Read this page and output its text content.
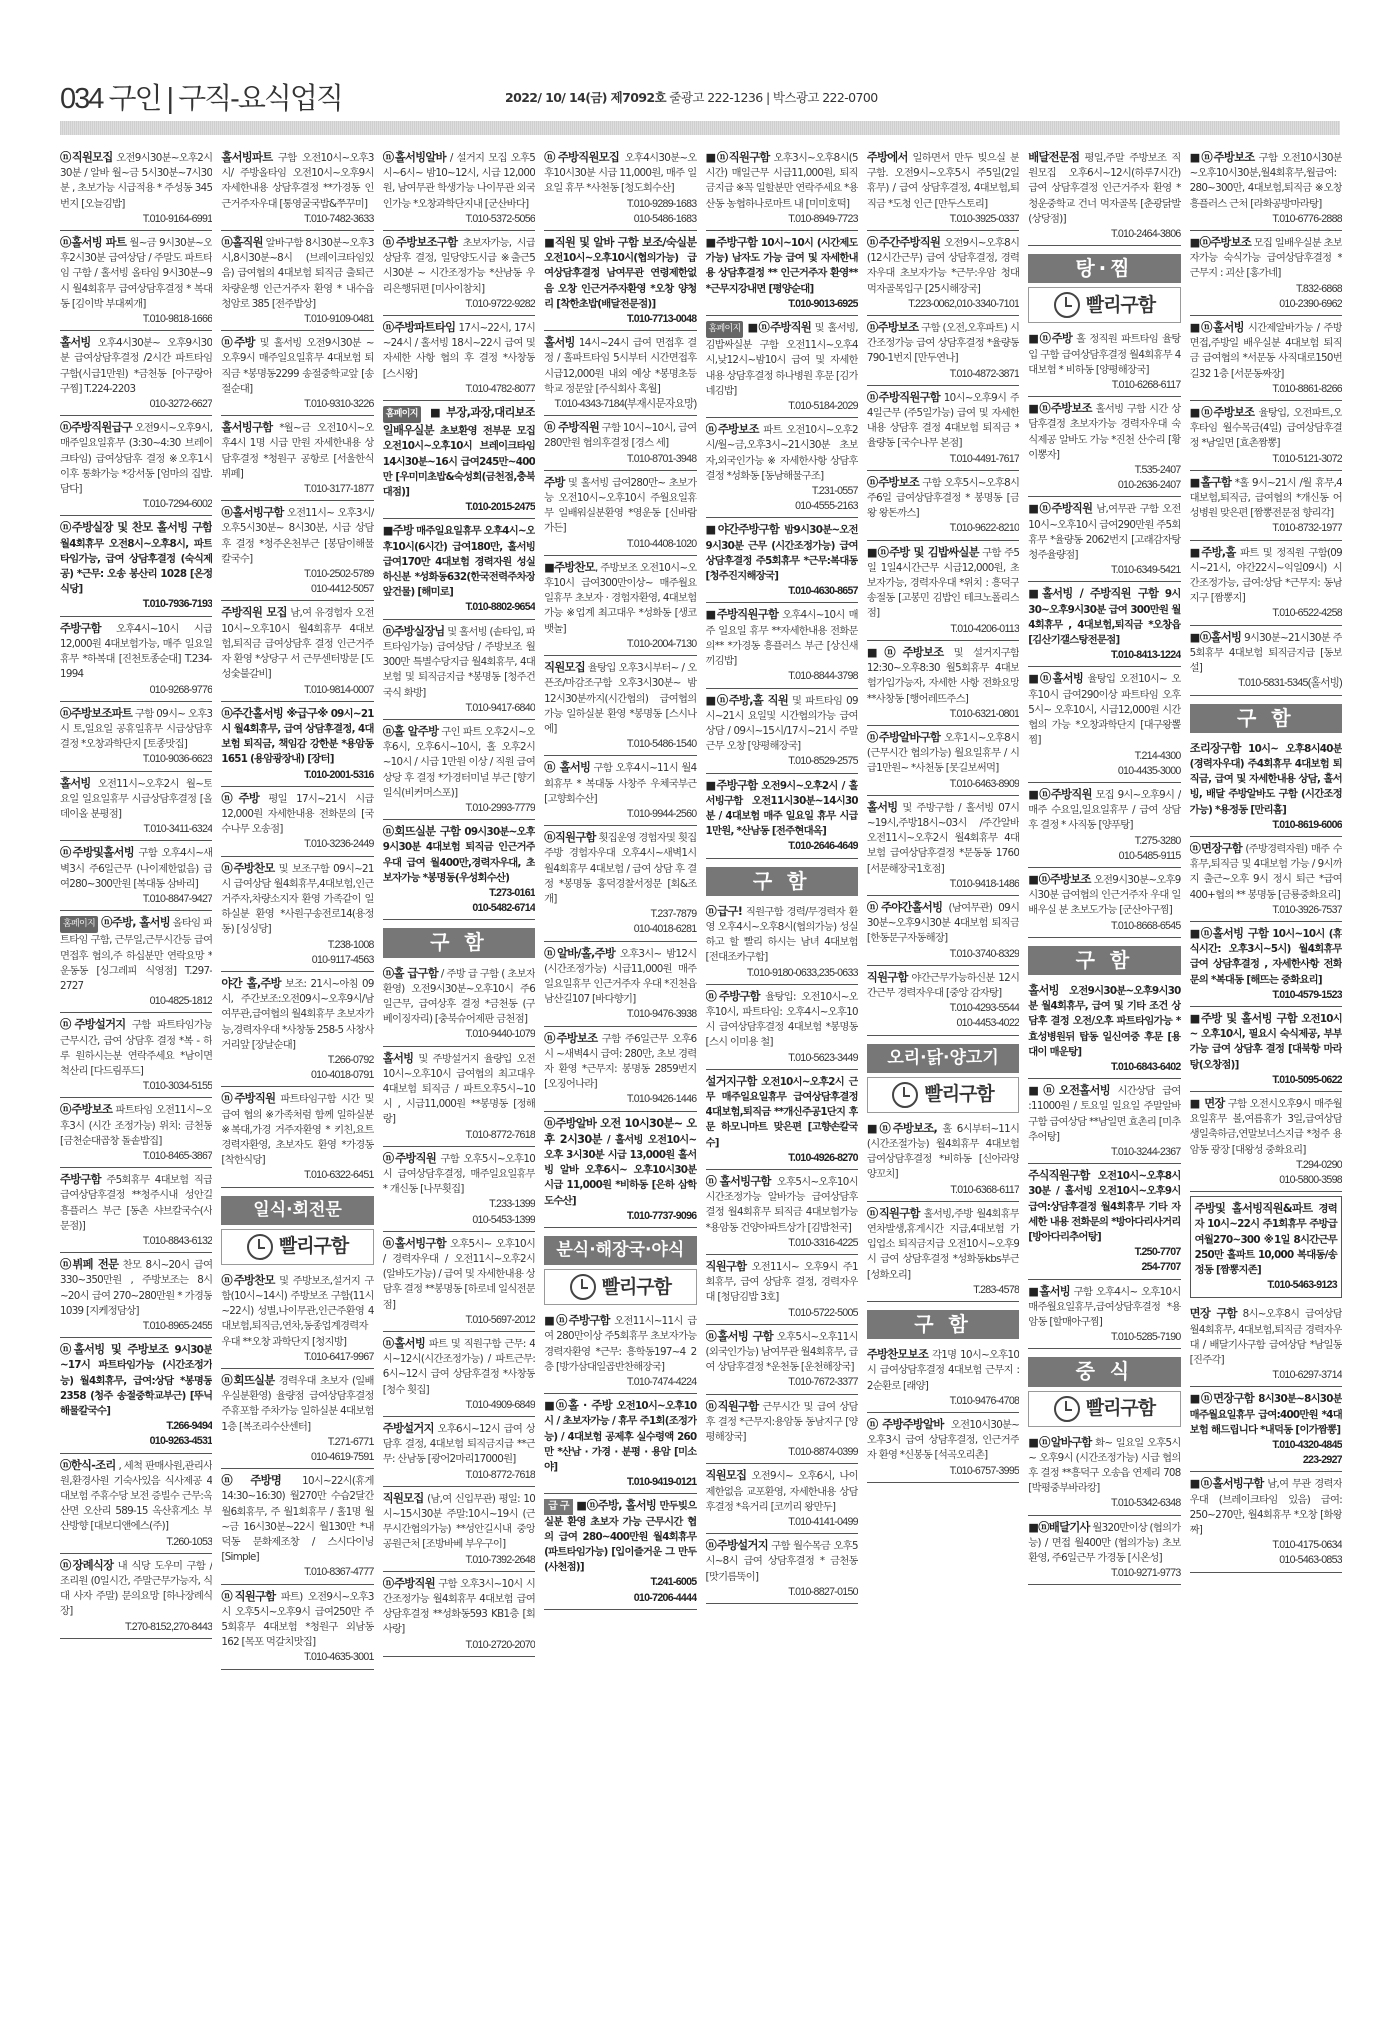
034 구인 | 구직-요식업직	2022/ 10/ 14(금) 제7092호 줄광고 222-1236 | 박스광고 222-0700
ⓝ직원모집 오전9시30분~오후2시30분 / 알바 월~금 5시30분~7시30분 , 초보가능 시급적용 * 주성동 345번지 [오늘김밥]
T.010-9164-6991
ⓝ홀서빙 파트 월~금 9시30분~오후2시30분 급여상담 / 주말도 파트타임 구함 / 홀서빙 올타임 9시30분~9시 월4회휴무 급여상담후결정 * 복대동 [김이박 부대찌개]
T.010-9818-1666
홀서빙 오후4시30분~ 오후9시30분 급여상담후결정 /2시간 파트타임구함(시급1만원) *금천동 [아구랑아구찜] T.224-2203
010-3272-6627
ⓝ주방직원급구 오전9시~오후9시, 매주일요일휴무 (3:30~4:30 브레이크타임) 급여상담후 결정 ※오후1시이후 통화가능 *강서동 [엄마의 집밥.담다]
T.010-7294-6002
ⓝ주방실장 및 찬모 홀서빙 구함 월4회휴무 오전8시~오후8시, 파트타임가능, 급여 상담후결정 (숙식제공) *근무: 오송 봉산리 1028 [온정식당]
T.010-7936-7193
주방구함 오후4시~10시 시급 12,000원 4대보험가능, 매주 일요일 휴무 *하복대 [진천토종순대] T.234-1994
010-9268-9776
ⓝ주방보조파트 구함 09시~ 오후3시 토,일요일 공휴일휴무 시급상담후 결정 *오창과학단지 [토종맛집]
T.010-9036-6623
홀서빙 오전11시~오후2시 월~토요일 일요일휴무 시급상담후결정 [올데이올 분평점]
T.010-3411-6324
ⓝ주방및홀서빙 구함 오후4시~새벽3시 주6일근무 (나이제한없음) 급여280~300만원 [복대동 삼바리]
T.010-8847-9427
홈페이지 ⓝ주방, 홀서빙 올타임 파트타임 구함, 근무일,근무시간등 급여 면접후 협의,주 하십분만 연락요망 * 운동동 [싱그레피 식영점] T.297-2727
010-4825-1812
ⓝ주방설거지 구함 파트타임가능 근무시간, 급여 상담후 결정 *복 - 하루 원하시는분 연락주세요 *남이면 척산리 [다드림푸드]
T.010-3034-5155
ⓝ주방보조 파트타임 오전11시~오후3시 (시간 조정가능) 위치: 금천동 [금천순대곱창 돌솥밥집]
T.010-8465-3867
주방구함 주5회휴무 4대보험 직급 급여상담후결정 **청주시내 성안길 흥플러스 부근 [동촌 샤브칼국수(사문점)]
T.010-8843-6132
ⓝ뷔페 전문 찬모 8시~20시 급여330~350만원 , 주방보조는 8시~20시 급여 270~280만원 * 가경동 1039 [지케정담상]
T.010-8965-2455
ⓝ홀서빙 및 주방보조 9시30분~17시 파트타임가능 (시간조정가능) 월4회휴무, 급여:상담 *봉명동 2358 (청주 송절중학교부근) [뚜닉 해물칼국수]
T.266-9494
010-9263-4531
ⓝ한식-조리 , 세척 판매사원,관리사원,환경사원 기숙사있음 식사제공 4대보험 주휴수당 보전 증빌수 근무:옥산면 오산리 589-15 옥산휴게소 부산방향 [대보디앤에스(주)]
T.260-1053
ⓝ장례식장 내 식당 도우미 구함 / 조리원 (0일시간, 주말근무가능자, 식대 사자 주말) 문의요망 [하나장례식장]
T.270-8152,270-8443
홀서빙파트 구함 오전10시~오후3시/ 주방올타임 오전10시~오후9시 자세한내용 상담후결정 **가경동 인근거주자우대 [통영굴국밥&쭈꾸미]
T.010-7482-3633
ⓝ홀직원 알바구함 8시30분~오후3시,8시30분~8시 (브레이크타임있음) 급여협의 4대보험 퇴직금 출퇴근차량운행 인근거주자 환영 * 내수읍 청암로 385 [전주밥상]
T.010-9109-0481
ⓝ주방 및 홀서빙 오전9시30분 ~ 오후9시 매주일요일휴무 4대보험 퇴직금 *봉명동2299 송절중학교앞 [송절순대]
T.010-9310-3226
홀서빙구함 *월~금 오전10시~오후4시 1명 시급 만원 자세한내용 상담후결정 *청원구 공항로 [서울한식뷔페]
T.010-3177-1877
ⓝ홀서빙구함 오전11시~ 오후3시/ 오후5시30분~ 8시30분, 시급 상담후 결정 *청주온천부근 [봉담이해물칼국수]
T.010-2502-5789
010-4412-5057
주방직원 모집 남,여 유경험자 오전10시~오후10시 월4회휴무 4대보험,퇴직금 급여상담후 결정 인근거주자 환영 *상당구 서 근무센터방문 [도성숯불갈비]
T.010-9814-0007
ⓝ주간홀서빙 ※급구※ 09시~21시 월4회휴무, 급여 상담후결정, 4대보험 퇴직금, 책임감 강한분 *용암동 1651 (용암광장내) [장터]
T.010-2001-5316
ⓝ주방 평일 17시~21시 시급12,000원 자세한내용 전화문의 [국수나무 오송점]
T.010-3236-2449
ⓝ주방찬모 및 보조구함 09시~21시 급여상담 월4회휴무,4대보험,인근거주자,차량소지자 환영 가족같이 일하실분 환영 *사원구송전로14(용정동) [싱싱당]
T.238-1008
010-9117-4563
야간 홀,주방 보조: 21시~아침 09시, 주간보조:오전09시~오후9시/남여무관,급여협의 월4회휴무 초보자가능,경력자우대 *사창동 258-5 사창사거리앞 [장날순대]
T.266-0792
010-4018-0791
ⓝ주방직원 파트타임구함 시간 및 급여 협의 ※가족처럼 함께 일하실분 ※복대,가경 거주자환영 * 키친,요트 경력자환영, 초보자도 환영 *가경동 [착한식당]
T.010-6322-6451
일식·회전문
빨리구함
ⓝ주방찬모 및 주방보조,설거지 구함(10시~14시) 주방보조 구함(11시~22시) 성별,나이무관,인근주환영 4대보험,퇴직금,연차,동종업계경력자우대 **오창 과학단지 [청지방]
T.010-6417-9967
ⓝ회뜨실분 경력우대 초보자 (일배우실분환영) 율량점 급여상담후결정 주휴포함 주차가능 일하실분 4대보험 1층 [복조리수산센터]
T.271-6771
010-4619-7591
ⓝ주방명 10시~22시(휴게 14:30~16:30) 월270만 수습2달간 월6회휴무, 주 월1회휴무 / 홀1명 월~금 16시30분~22시 월130만 *내덕동 문화제조창 / 스시다이닝 [Simple]
T.010-8367-4777
ⓝ직원구함 파트) 오전9시~오후3시 오후5시~오후9시 급여250만 주5회휴무 4대보험 *청원구 외남동 162 [목포 먹갈치맛집]
T.010-4635-3001
ⓝ홀서빙알바 / 설거지 모집 오후5시~6시~ 밤10~12시, 시급 12,000원, 남여무관 학생가능 나이무관 외국인가능 *오창과학단지내 [군산바다]
T.010-5372-5056
ⓝ주방보조구함 초보자가능, 시급상담후 결정, 일당양도시급 ※출근5시30분 ~ 시간조정가능 *산남동 우리은행뒤편 [미사이참치]
T.010-9722-9282
ⓝ주방파트타임 17시~22시, 17시~24시 / 홀서빙 18시~22시 급여 및 자세한 사항 협의 후 결정 *사창동 [스시왕]
T.010-4782-8077
홈페이지 ■부장,과장,대리보조 일배우실분 초보환영 전부문 모집 오전10시~오후10시 브레이크타임14시30분~16시 급여245만~400만 [우미미초밥&숙성회(금천점,충북대점)]
T.010-2015-2475
■주방 매주일요일휴무 오후4시~오후10시(6시간) 급여180만, 홀서빙 급여170만 4대보험 경력자원 성실하신분 *성화동632(한국전력주차장앞건물) [해미로]
T.010-8802-9654
ⓝ주방실장님 및 홀서빙 (솥타입, 파트타임가능) 급여상담 / 주방보조 월300만 특별수당지급 월4회휴무, 4대보험 및 퇴직금지급 *봉명동 [청주건국식 화방]
T.010-9417-6840
ⓝ홀 알주방 구인 파트 오후2시~오후6시, 오후6시~10시, 홀 오후2시~10시 / 시급 1만원 이상 / 직원 급여 상당 후 결정 *가경터미널 부근 [향기일식(비커머스포)]
T.010-2993-7779
ⓝ회뜨실분 구함 09시30분~오후9시30분 4대보험 퇴직금 인근거주우대 급여 월400만,경력자우대, 초보자가능 *봉명동(우성회수산)
T.273-0161
010-5482-6714
구 함
ⓝ홀 급구함 / 주방 급 구함 ( 초보자환영) 오전9시30분~오후10시 주6일근무, 급여상후 결정 *금천동 (구 베이징자리) [충북슈어제판 금천점]
T.010-9440-1079
홀서빙 및 주방설거지 율량입 오전10시~오후10시 급여협의 최고대우 4대보험 퇴직금 / 파트오후5시~10시 , 시급11,000원 **봉명동 [정해랑]
T.010-8772-7618
ⓝ주방직원 구함 오후5시~오후10시 급여상담후결정, 매주일요일휴무 * 개신동 [나무횟집]
T.233-1399
010-5453-1399
ⓝ홀서빙구함 오후5시~ 오후10시 / 경력자우대 / 오전11시~오후2시(알바도가능) / 급여 및 자세한내용 상담후 결정 **봉명동 [하로네 일식전문점]
T.010-5697-2012
ⓝ홀서빙 파트 및 직원구함 근무: 4시~12시(시간조정가능) / 파트근무: 6시~12시 급여 상담후결정 *사창동 [청수 횟집]
T.010-4909-6849
주방설거지 오후6시~12시 급여 상담후 결정, 4대보험 퇴직금지급 **근무: 산남동 [광어2마리17000원]
T.010-8772-7618
직원모집 (남,여 신입무관) 평일: 10시~15시30분 주말:10시~19시 (근무시간협의가능) **성안길시내 중앙공원근처 [조방바베 부우구이]
T.010-7392-2648
ⓝ주방직원 구함 오후3시~10시 시간조정가능 월4회휴무 4대보험 급여 상담후결정 **성화동593 KB1층 [회사랑]
T.010-2720-2070
ⓝ주방직원모집 오후4시30분~오후10시30분 시급 11,000원, 매주 일요일 휴무 *사천동 [청도회수산]
T.010-9289-1683
010-5486-1683
■직원 및 알바 구함 보조/숙실분 오전10시~오후10시(협의가능) 급여상담후결정 남여무관 연령제한없음 오창 인근거주자환영 *오창 양청리 [착한초밥(배달전문점)]
T.010-7713-0048
홀서빙 14시~24시 급여 면접후 결정 / 홀파트타임 5시부터 시간면접후 시급12,000원 내외 예상 *봉명초등학교 정문앞 [주식회사 혹월]
T.010-4343-7184(부재시문자요망)
ⓝ 주방직원 구함 10시~10시, 급여 280만원 협의후결정 [경스 세]
T.010-8701-3948
주방 및 홀서빙 급여280만~ 초보가능 오전10시~오후10시 주월요일휴무 일배워실분환영 *영운동 [신바람가든]
T.010-4408-1020
■주방찬모, 주방보조 오전10시~오후10시 급여300만이상~ 매주월요일휴무 초보자 · 경험자환영, 4대보험가능 ※업계 최고대우 *성화동 [생코 뱃놀]
T.010-2004-7130
직원모집 율탕입 오후3시부터~ / 오픈조/마감조구함 오후3시30분~ 밤12시30분까지(시간협의) 급여협의 가능 일하실분 환영 *봉명동 [스시나에]
T.010-5486-1540
ⓝ 홀서빙 구함 오후4시~11시 월4회휴무 * 복대동 사창주 우체국부근 [고향회수산]
T.010-9944-2560
ⓝ직원구함 횟집운영 경험자및 횟집주방 경험자우대 오후4시~새벽1시 월4회휴무 4대보험 / 급여 상담 후 결정 *봉명동 홍덕경찰서정문 [회&조개]
T.237-7879
010-4018-6281
ⓝ알바/홀,주방 오후3시~ 밤12시 (시간조정가능) 시급11,000원 매주일요일휴무 인근거주자 우대 *진천읍 남산길107 [바다향기]
T.010-9476-3938
ⓝ주방보조 구함 주6일근무 오후6시 ~새벽4시 급여: 280만, 초보 경력자 환영 *근무지: 봉명동 2859번지 [오징어나라]
T.010-9426-1446
ⓝ주방알바 오전 10시30분~ 오후 2시30분 / 홀서빙 오전10시~오후 3시30분 시급 13,000원 홀서빙 알바 오후6시~ 오후10시30분 시급 11,000원 *비하동 [은하 삼학도수산]
T.010-7737-9096
분식·해장국·야식
빨리구함
■ⓝ주방구함 오전11시~11시 급여 280만이상 주5회휴무 초보자가능 경력자환영 *근무: 흥학동197~4 2층 [방가삼대일곱반찬해장국]
T.010-7474-4224
■ⓝ홀 · 주방 오전10시~오후10시 / 초보자가능 / 휴무 주1회(조정가능) / 4대보험 공제후 실수령액 260만 *산남 · 가경 · 분평 · 용암 [미소야]
T.010-9419-0121
급 구 ■ⓝ주방, 홀서빙 만두빚으실분 환영 초보자 가능 근무시간 협의 급여 280~400만원 월4회휴무 (파트타임가능) [입이즐거운 그 만두(사천점)]
T.241-6005
010-7206-4444
■ⓝ직원구함 오후3시~오후8시(5시간) 매일근무 시급11,000원, 퇴직금지급 ※꼭 일할분만 연락주세요 *용산동 농협하나로마트 내 [미미호떡]
T.010-8949-7723
■주방구함 10시~10시 (시간제도 가능) 남자도 가능 급여 및 자세한내용 상담후결정 ** 인근거주자 환영** *근무지강내면 [평양순대]
T.010-9013-6925
홈페이지 ■ⓝ주방직원 및 홀서빙,김밥싸실분 구함 오전11시~오후4시,낮12시~밤10시 급여 및 자세한내용 상담후결정 하나병원 후문 [김가네김밥]
T.010-5184-2029
ⓝ주방보조 파트 오전10시~오후2시/월~금,오후3시~21시30분 초보자,외국인가능 ※ 자세한사항 상담후 결정 *성화동 [동남해물구조]
T.231-0557
010-4555-2163
■야간주방구함 밤9시30분~오전9시30분 근무 (시간조정가능) 급여상담후결정 주5회휴무 *근무:복대동 [청주진지해장국]
T.010-4630-8657
■주방직원구함 오후4시~10시 매주 일요일 휴무 **자세한내용 전화문의** *가경동 흥플러스 부근 [상신새끼김밥]
T.010-8844-3798
■ⓝ주방,홀 직원 및 파트타임 09시~21시 요일및 시간협의가능 급여상담 / 09시~15시/17시~21시 주말근무 오창 [양평해장국]
T.010-8529-2575
■주방구함 오전9시~오후2시 / 홀서빙구함 오전11시30분~14시30분 / 4대보험 매주 일요일 휴무 시급1만원, *산남동 [전주현대옥]
T.010-2646-4649
구 함
ⓝ급구! 직원구함 경력/무경력자 환영 오후4시~오후8시(협의가능) 성실하고 할 빨리 하시는 남녀 4대보험 [전대조카구합]
T.010-9180-0633,235-0633
ⓝ주방구함 율탕입: 오전10시~오후10시, 파트타임: 오후4시~오후10시 급여상담후결정 4대보험 *봉명동 [스시 이미용 철]
T.010-5623-3449
설거지구함 오전10시~오후2시 근무 매주일요일휴무 급여상담후결정 4대보험,퇴직금 **개신주공1단지 후문 하모니마트 맞은편 [고향손칼국수]
T.010-4926-8270
ⓝ홀서빙구함 오후5시~오후10시 시간조정가능 알바가능 급여상담후결정 월4회휴무 퇴직금 4대보험가능 *용암동 건양아파트상가 [김밥천국]
T.010-3316-4225
직원구함 오전11시~ 오후9시 주1회휴무, 급여 상담후 결정, 경력자우대 [청담김밥 3호]
T.010-5722-5005
ⓝ홀서빙 구함 오후5시~오후11시 (외국인가능) 남여무관 월4회휴무, 급여 상담후결정 *운천동 [운천해장국]
T.010-7672-3377
ⓝ직원구함 근무시간 및 급여 상담후 결정 *근무지:용암동 동남지구 [양평해장국]
T.010-8874-0399
직원모집 오전9시~ 오후6시, 나이제한없음 교포환영, 자세한내용 상담후결정 *육거리 [코끼리 왕만두]
T.010-4141-0499
ⓝ주방설거지 구함 월수목금 오후5시~8시 급여 상담후결정 * 금천동 [맛기름뚝이]
T.010-8827-0150
주방에서 일하면서 만두 빚으실 분 구함. 오전9시~오후5시 주5일(2일휴무) / 급여 상담후결정, 4대보험,퇴직금 *도청 인근 [만두스토리]
T.010-3925-0337
ⓝ주간주방직원 오전9시~오후8시(12시간근무) 급여 상담후결정, 경력자우대 초보자가능 *근무:우암 청대 먹자골목입구 [25시해장국]
T.223-0062,010-3340-7101
ⓝ주방보조 구함 (오전,오후파트) 시간조정가능 급여 상담후결정 *율량동 790-1번지 [만두연나]
T.010-4872-3871
ⓝ주방직원구함 10시~오후9시 주4일근무 (주5일가능) 급여 및 자세한내용 상담후 결정 4대보험 퇴직금 *율량동 [국수나무 본점]
T.010-4491-7617
ⓝ주방보조 구함 오후5시~오후8시 주6일 급여상담후결정 * 봉명동 [금왕 왕돈까스]
T.010-9622-8210
■ⓝ주방 및 김밥싸실분 구함 주5일 1일4시간근무 시급12,000원, 초보자가능, 경력자우대 *위치 : 흥덕구 송절동 [고봉민 김밥인 테크노폴리스점]
T.010-4206-0113
■ⓝ주방보조 및 설거지구함 12:30~오후8:30 월5회휴무 4대보험가입가능자, 자세한 사항 전화요망 **사창동 [행어레뜨주스]
T.010-6321-0801
ⓝ주방알바구함 오후1시~오후8시(근무시간 협의가능) 월요일휴무 / 시급1만원~ *사천동 [못길보써먹]
T.010-6463-8909
홀서빙 및 주방구함 / 홀서빙 07시~19시,주방18시~03시 /주간알바 오전11시~오후2시 월4회휴무 4대보험 급여상담후결정 *문동동 1760 [서문해장국1호점]
T.010-9418-1486
ⓝ주야간홀서빙 (남여무관) 09시30분~오후9시30분 4대보험 퇴직금 [한동문구자동해장]
T.010-3740-8329
직원구함 야간근무가능하신분 12시간근무 경력자우대 [중앙 감자탕]
T.010-4293-5544
010-4453-4022
오리·닭·양고기
빨리구함
■ⓝ주방보조, 홀 6시부터~11시 (시간조절가능) 월4회휴무 4대보험 급여상담후결정 *비하동 [신아라양 양꼬치]
T.010-6368-6117
ⓝ직원구함 홀서빙,주방 월4회휴무 연차발생,휴게시간 지급,4대보험 가입업소 퇴직금지급 오전10시~오후9시 급여 상담후결정 *성화동kbs부근 [성화오리]
T.283-4578
구 함
주방찬모보조 각1명 10시~오후10시 급여상담후결정 4대보험 근무지 : 2순환로 [래양]
T.010-9476-4708
ⓝ주방주방알바 오전10시30분~ 오후3시 급여 상담후결정, 인근거주자 환영 *신봉동 [석곡오리촌]
T.010-6757-3995
배달전문점 평일,주말 주방보조 직원모집 오후6시~12시(하루7시간) 급여 상담후결정 인근거주자 환영 *청운중학교 건너 먹자골목 [춘광닭발(상당점)]
T.010-2464-3806
탕·찜
빨리구함
■ⓝ주방 홀 정직원 파트타임 율탕입 구함 급여상담후결정 월4회휴무 4대보험 * 비하동 [양평해장국]
T.010-6268-6117
■ⓝ주방보조 홀서빙 구함 시간 상담후결정 초보자가능 경력자우대 숙식제공 알바도 가능 *진천 산수리 [황이뽕자]
T.535-2407
010-2636-2407
■ⓝ주방직원 남,여무관 구함 오전10시~오후10시 급여290만원 주5회휴무 *율량동 2062번지 [고래감자탕 청주율량점]
T.010-6349-5421
■홀서빙 / 주방직원 구함 9시30~오후9시30분 급여 300만원 월4회휴무 , 4대보험,퇴직금 *오창읍 [김산기갤스탕전문점]
T.010-8413-1224
■ⓝ홀서빙 율탕입 오전10시~ 오후10시 급여290이상 파트타임 오후5시~ 오후10시, 시급12,000원 시간협의 가능 *오창과학단지 [대구왕뽈찜]
T.214-4300
010-4435-3000
■ⓝ주방직원 모집 9시~오후9시 / 매주 수요일,일요일휴무 / 급여 상담후 결정 * 사직동 [양푸탕]
T.275-3280
010-5485-9115
■ⓝ주방보조 오전9시30분~오후9시30분 급여협의 인근거주자 우대 일배우실 분 초보도가능 [군산아구찜]
T.010-8668-6545
구 함
홀서빙 오전9시30분~오후9시30분 월4회휴무, 급여 및 기타 조건 상담후 결정 오전/오후 파트타임가능 *효성병원뒤 탑동 일신여중 후문 [용대이 매운탕]
T.010-6843-6402
■ⓝ오전홀서빙 시간상담 급여 :11000원 / 토요일 일요일 주말알바구함 급여상담 **남일면 효촌리 [미추추어탕]
T.010-3244-2367
주식직원구함 오전10시~오후8시30분 / 홀서빙 오전10시~오후9시 급여:상담후결정 월4회휴무 기타 자세한 내용 전화문의 *방아다리사거리 [방아다리추어탕]
T.250-7707
254-7707
■홀서빙 구함 오후4시~ 오후10시 매주월요일휴무,급여상담후결정 *용암동 [할매아구찜]
T.010-5285-7190
중 식
빨리구함
■ⓝ알바구함 화~ 일요일 오후5시~ 오후9시 (시간조정가능) 시급 협의 후 결정 **흥덕구 오송읍 연제리 708 [박평중부바라캉]
T.010-5342-6348
■ⓝ배달기사 월320만이상 (협의가능) / 면접 월400만 (협의가능) 초보환영, 주6일근무 가경동 [시온성]
T.010-9271-9773
■ⓝ주방보조 구함 오전10시30분~오후10시30분,월4회휴무,월급여: 280~300만, 4대보험,퇴직금 ※오창 흥플러스 근처 [라화공방마라탕]
T.010-6776-2888
■ⓝ주방보조 모집 일배우실분 초보자가능 숙식가능 급여상담후결정 * 근무지 : 괴산 [홍가네]
T.832-6868
010-2390-6962
■ⓝ홀서빙 시간제알바가능 / 주방면접,주방일 배우실분 4대보험 퇴직금 급여협의 *서문동 사직대로150번길32 1층 [서문동짜장]
T.010-8861-8266
■ⓝ주방보조 율탕입, 오전파트,오후타임 월수목금(4일) 급여상담후결정 *남일면 [효촌짬뽕]
T.010-5121-3072
■홀구함 *홀 9시~21시 /월 휴무,4대보험,퇴직금, 급여협의 *개신동 어성병원 맞은편 [짬뽕전문점 향리각]
T.010-8732-1977
■주방,홀 파트 및 정직원 구함(09시~21시, 야간22시~익일09시) 시간조정가능, 급여:상담 *근무지: 동남지구 [짬뽕지]
T.010-6522-4258
■ⓝ홀서빙 9시30분~21시30분 주5회휴무 4대보험 퇴직금지급 [동보설]
T.010-5831-5345(홀서빙)
구 함
조리장구함 10시~ 오후8시40분 (경력자우대) 주4회휴무 4대보험 퇴직금, 급여 및 자세한내용 상담, 홀서빙, 배달 주방알바도 구함 (시간조정가능) *용정동 [만리홈]
T.010-8619-6006
ⓝ면장구함 (주방경력자원) 매주 수 휴무,퇴직금 및 4대보험 가능 / 9시까지 출근~오후 9시 정시 퇴근 *급여 400+협의 ** 봉명동 [금룡중화요리]
T.010-3926-7537
■ⓝ홀서빙 구함 10시~10시 (휴식시간: 오후3시~5시) 월4회휴무 급여 상담후결정 , 자세한사항 전화문의 *복대동 [해뜨는 중화요리]
T.010-4579-1523
■주방 및 홀서빙 구함 오전10시~ 오후10시, 필요시 숙식제공, 부부가능 급여 상담후 결정 [대북항 마라탕(오창점)]
T.010-5095-0622
■ 면장 구함 오전시오후9시 매주월요일휴무 볼,여름휴가 3일,급여상담 생일축하금,연말보너스지급 *청주 용암동 광장 [대왕성 중화요리]
T.294-0290
010-5800-3598
주방및 홀서빙직원&파트 경력자 10시~22시 주1회휴무 주방급여월270~300 ※1일 8시간근무 250만 홀파트 10,000 복대동/송정동 [짬뽕지존]
T.010-5463-9123
면장 구함 8시~오후8시 급여상담 월4회휴무, 4대보험,퇴직금 경력자우대 / 배달기사구함 급여상담 *남일동 [진주각]
T.010-6297-3714
■ⓝ면장구함 8시30분~8시30분 매주월요일휴무 급여:400만원 *4대보험 해드립니다 *내덕동 [이가짬뽕]
T.010-4320-4845
223-2927
■ⓝ홀서빙구함 남,여 무관 경력자 우대 (브레이크타임 있음) 급여: 250~270만, 월4회휴무 *오창 [화왕짜]
T.010-4175-0634
010-5463-0853
